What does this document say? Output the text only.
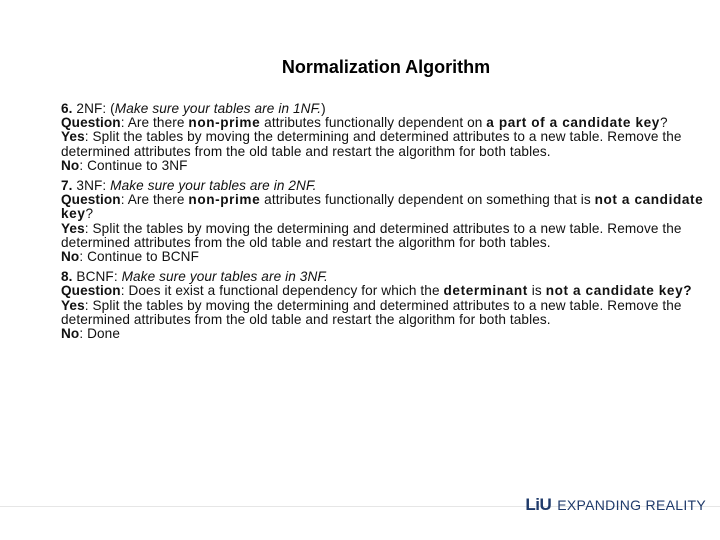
Normalization Algorithm

6. 2NF: (Make sure your tables are in 1NF.)

Question: Are there non-prime attributes functionally dependent on a part of a candidate key?

Yes: Split the tables by moving the determining and determined attributes to a new table. Remove the determined attributes from the old table and restart the algorithm for both tables.

No: Continue to 3NF

7. 3NF: Make sure your tables are in 2NF.

Question: Are there non-prime attributes functionally dependent on something that is not a candidate key?

Yes: Split the tables by moving the determining and determined attributes to a new table. Remove the determined attributes from the old table and restart the algorithm for both tables.

No: Continue to BCNF

8. BCNF: Make sure your tables are in 3NF.

Question: Does it exist a functional dependency for which the determinant is not a candidate key?

Yes: Split the tables by moving the determining and determined attributes to a new table. Remove the determined attributes from the old table and restart the algorithm for both tables.

No: Done

LiU EXPANDING REALITY
